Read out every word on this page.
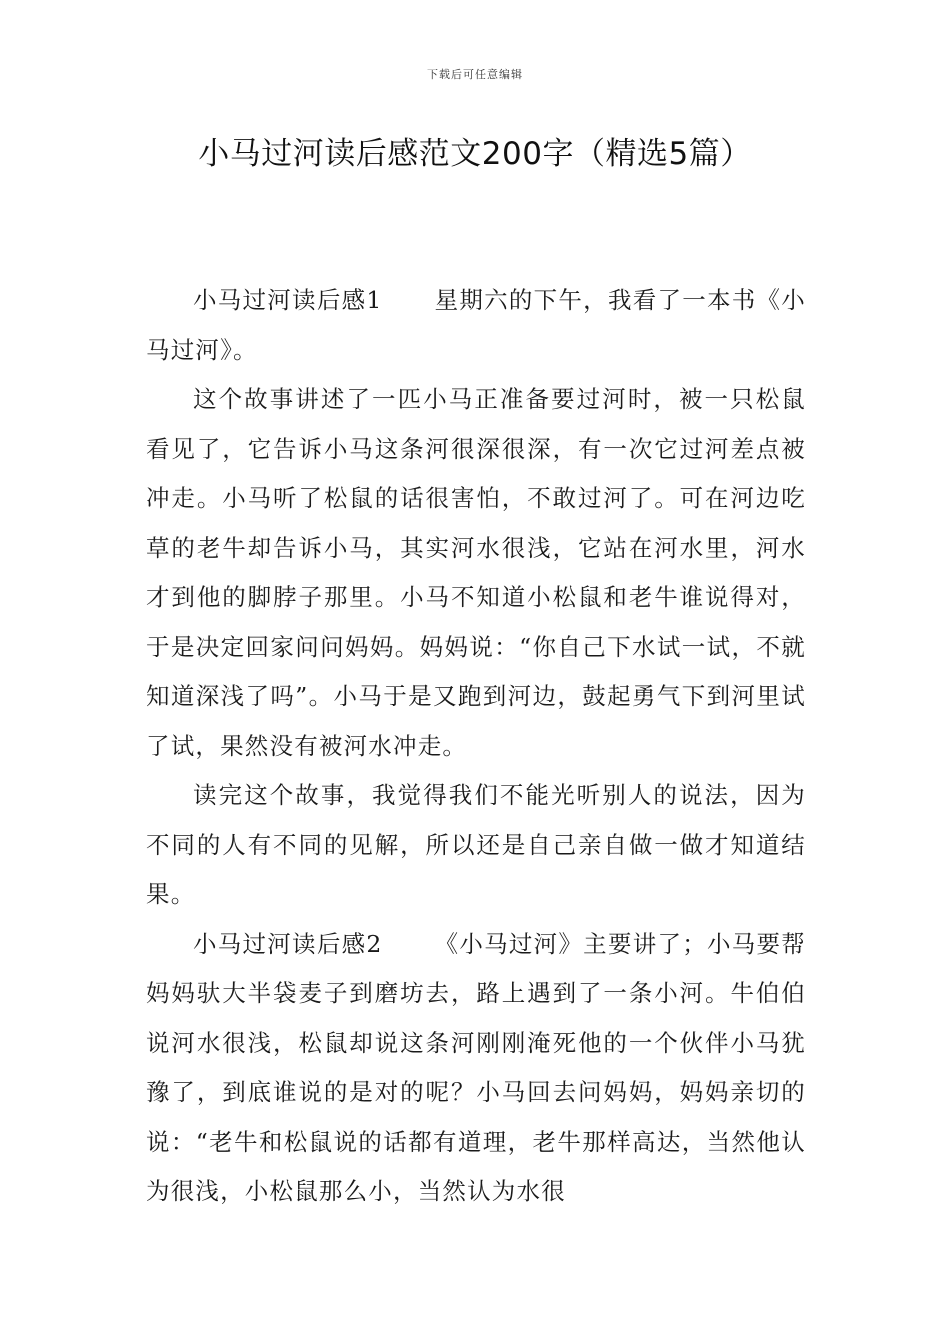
下载后可任意编辑
小马过河读后感范文200字（精选5篇）

小马过河读后感1 星期六的下午，我看了一本书《小马过河》。

这个故事讲述了一匹小马正准备要过河时，被一只松鼠看见了，它告诉小马这条河很深很深，有一次它过河差点被冲走。小马听了松鼠的话很害怕，不敢过河了。可在河边吃草的老牛却告诉小马，其实河水很浅，它站在河水里，河水才到他的脚脖子那里。小马不知道小松鼠和老牛谁说得对，于是决定回家问问妈妈。妈妈说：“你自己下水试一试，不就知道深浅了吗”。小马于是又跑到河边，鼓起勇气下到河里试了试，果然没有被河水冲走。

读完这个故事，我觉得我们不能光听别人的说法，因为不同的人有不同的见解，所以还是自己亲自做一做才知道结果。

小马过河读后感2 《小马过河》主要讲了；小马要帮妈妈驮大半袋麦子到磨坊去，路上遇到了一条小河。牛伯伯说河水很浅，松鼠却说这条河刚刚淹死他的一个伙伴小马犹豫了，到底谁说的是对的呢？小马回去问妈妈，妈妈亲切的说：“老牛和松鼠说的话都有道理，老牛那样高达，当然他认为很浅，小松鼠那么小，当然认为水很
